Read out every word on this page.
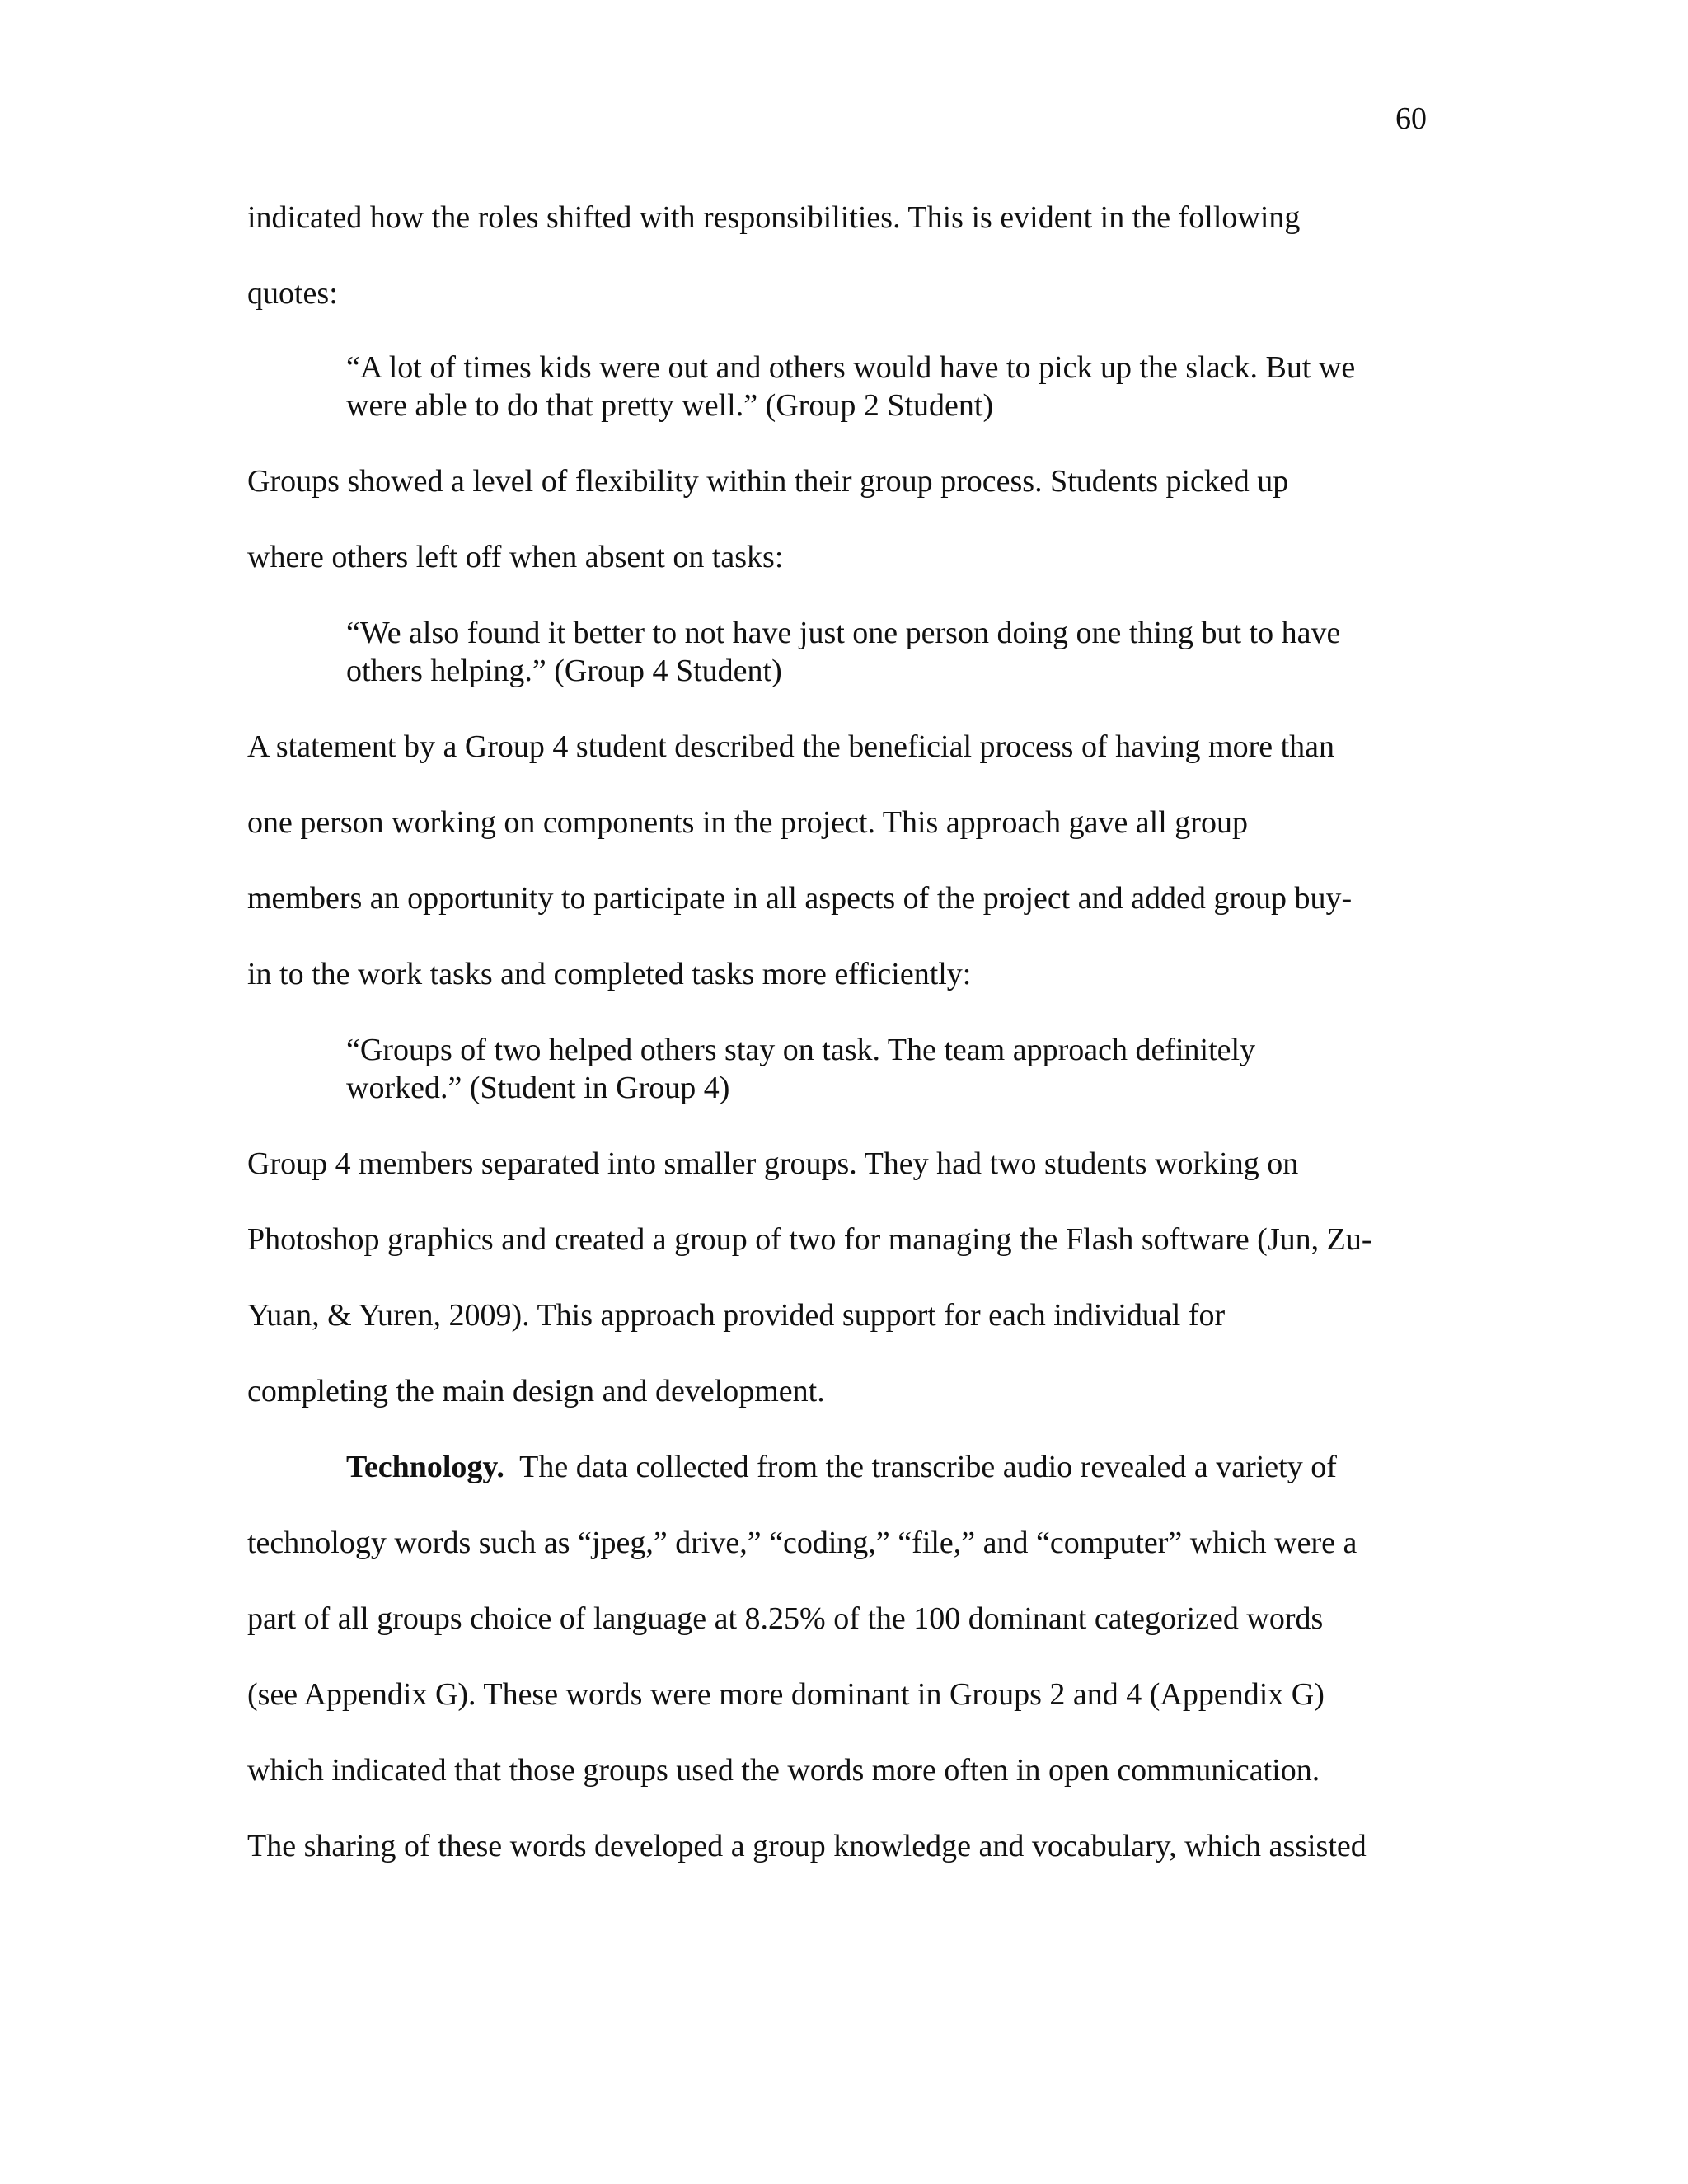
60
indicated how the roles shifted with responsibilities. This is evident in the following
quotes:
“A lot of times kids were out and others would have to pick up the slack. But we
were able to do that pretty well.” (Group 2 Student)
Groups showed a level of flexibility within their group process. Students picked up
where others left off when absent on tasks:
“We also found it better to not have just one person doing one thing but to have
others helping.” (Group 4 Student)
A statement by a Group 4 student described the beneficial process of having more than
one person working on components in the project. This approach gave all group
members an opportunity to participate in all aspects of the project and added group buy-
in to the work tasks and completed tasks more efficiently:
“Groups of two helped others stay on task. The team approach definitely
worked.” (Student in Group 4)
Group 4 members separated into smaller groups. They had two students working on
Photoshop graphics and created a group of two for managing the Flash software (Jun, Zu-
Yuan, & Yuren, 2009). This approach provided support for each individual for
completing the main design and development.
Technology.  The data collected from the transcribe audio revealed a variety of
technology words such as “jpeg,” drive,” “coding,” “file,” and “computer” which were a
part of all groups choice of language at 8.25% of the 100 dominant categorized words
(see Appendix G). These words were more dominant in Groups 2 and 4 (Appendix G)
which indicated that those groups used the words more often in open communication.
The sharing of these words developed a group knowledge and vocabulary, which assisted
